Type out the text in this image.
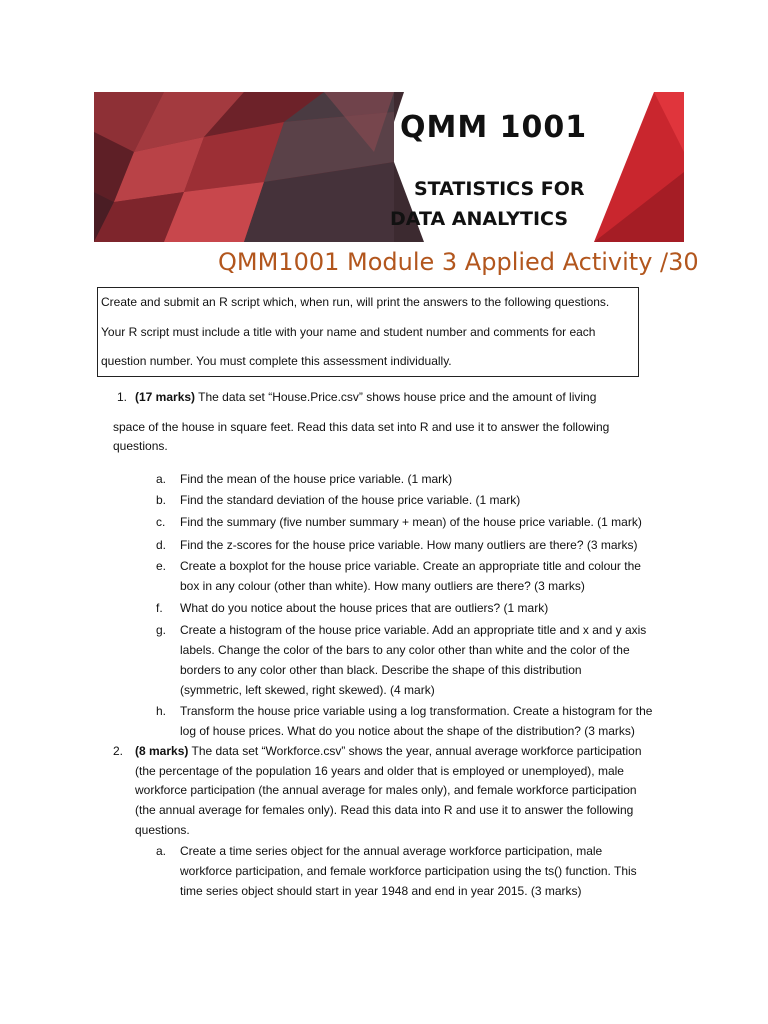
QMM 1001
STATISTICS FOR
DATA ANALYTICS
QMM1001 Module 3 Applied Activity /30
Create and submit an R script which, when run, will print the answers to the following questions.
Your R script must include a title with your name and student number and comments for each
question number. You must complete this assessment individually.
1. (17 marks) The data set “House.Price.csv” shows house price and the amount of living
space of the house in square feet. Read this data set into R and use it to answer the following
questions.
a. Find the mean of the house price variable. (1 mark)
b. Find the standard deviation of the house price variable. (1 mark)
c. Find the summary (five number summary + mean) of the house price variable. (1 mark)
d. Find the z-scores for the house price variable. How many outliers are there? (3 marks)
e. Create a boxplot for the house price variable. Create an appropriate title and colour the
box in any colour (other than white). How many outliers are there? (3 marks)
f. What do you notice about the house prices that are outliers? (1 mark)
g. Create a histogram of the house price variable. Add an appropriate title and x and y axis
labels. Change the color of the bars to any color other than white and the color of the
borders to any color other than black. Describe the shape of this distribution
(symmetric, left skewed, right skewed). (4 mark)
h. Transform the house price variable using a log transformation. Create a histogram for the
log of house prices. What do you notice about the shape of the distribution? (3 marks)
2. (8 marks) The data set “Workforce.csv” shows the year, annual average workforce participation
(the percentage of the population 16 years and older that is employed or unemployed), male
workforce participation (the annual average for males only), and female workforce participation
(the annual average for females only). Read this data into R and use it to answer the following
questions.
a. Create a time series object for the annual average workforce participation, male
workforce participation, and female workforce participation using the ts() function. This
time series object should start in year 1948 and end in year 2015. (3 marks)
